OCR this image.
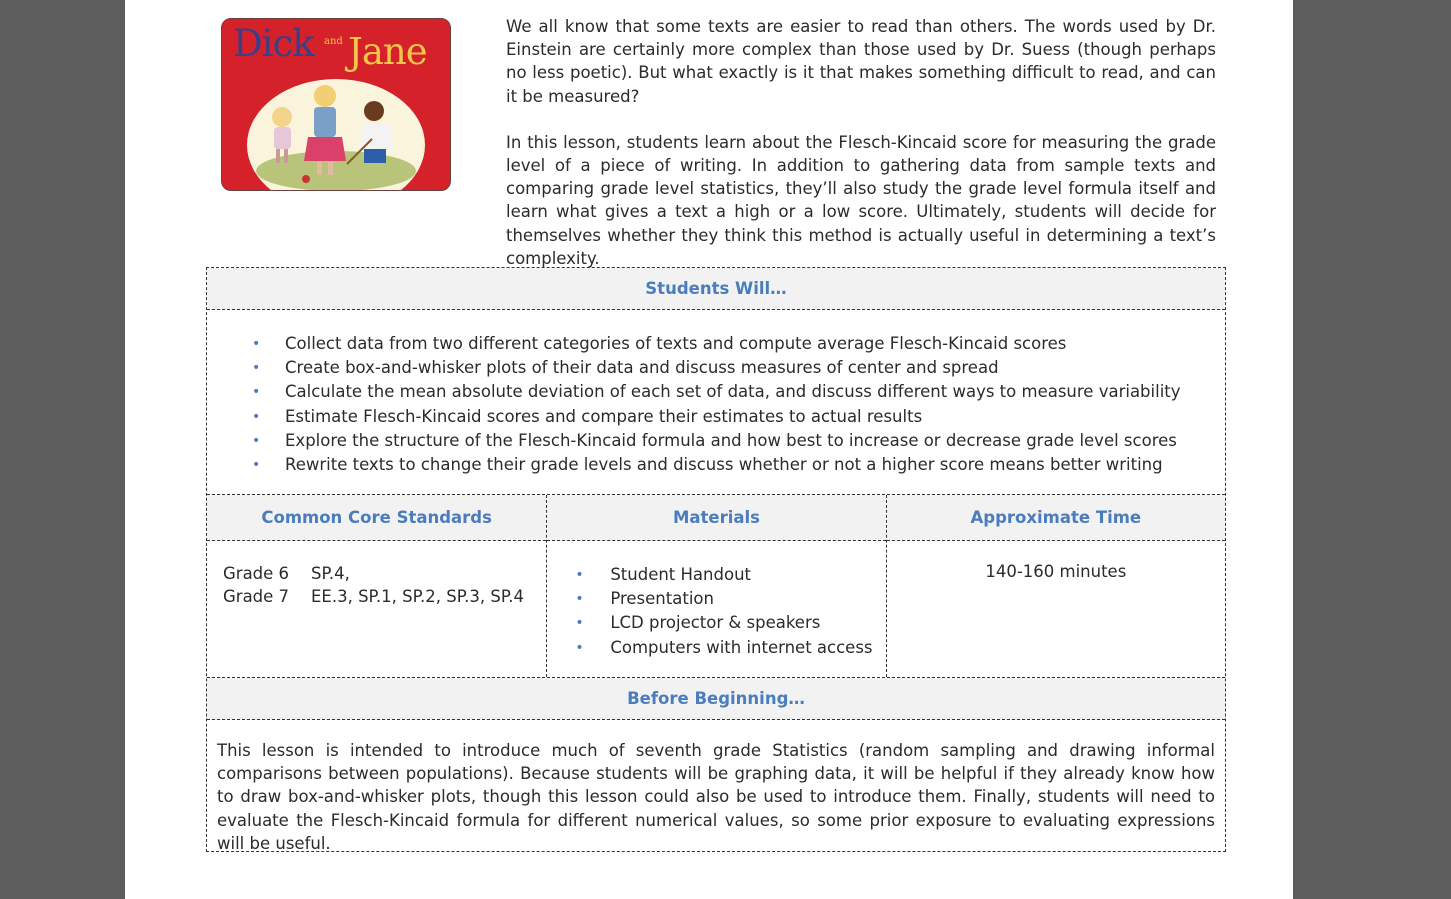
Dick and Jane

We all know that some texts are easier to read than others. The words used by Dr. Einstein are certainly more complex than those used by Dr. Suess (though perhaps no less poetic). But what exactly is it that makes something difficult to read, and can it be measured?

In this lesson, students learn about the Flesch-Kincaid score for measuring the grade level of a piece of writing. In addition to gathering data from sample texts and comparing grade level statistics, they’ll also study the grade level formula itself and learn what gives a text a high or a low score. Ultimately, students will decide for themselves whether they think this method is actually useful in determining a text’s complexity.

Students Will…
• Collect data from two different categories of texts and compute average Flesch-Kincaid scores
• Create box-and-whisker plots of their data and discuss measures of center and spread
• Calculate the mean absolute deviation of each set of data, and discuss different ways to measure variability
• Estimate Flesch-Kincaid scores and compare their estimates to actual results
• Explore the structure of the Flesch-Kincaid formula and how best to increase or decrease grade level scores
• Rewrite texts to change their grade levels and discuss whether or not a higher score means better writing
Common Core Standards
Grade 6 SP.4,
Grade 7 EE.3, SP.1, SP.2, SP.3, SP.4
Materials
• Student Handout
• Presentation
• LCD projector & speakers
• Computers with internet access
Approximate Time
140-160 minutes
Before Beginning…
This lesson is intended to introduce much of seventh grade Statistics (random sampling and drawing informal comparisons between populations). Because students will be graphing data, it will be helpful if they already know how to draw box-and-whisker plots, though this lesson could also be used to introduce them. Finally, students will need to evaluate the Flesch-Kincaid formula for different numerical values, so some prior exposure to evaluating expressions will be useful.
